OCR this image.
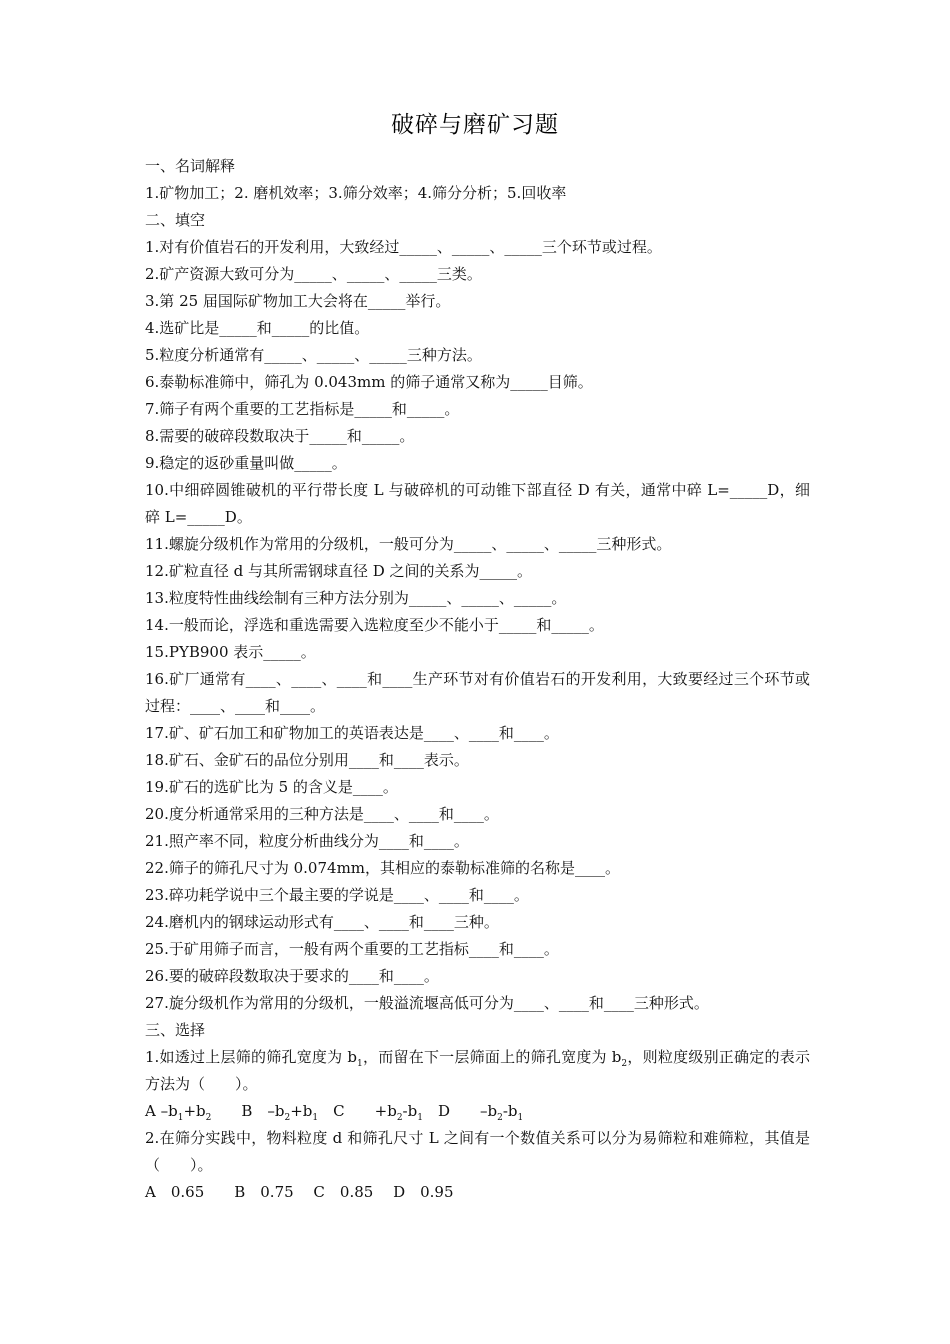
破碎与磨矿习题
一、名词解释
1.矿物加工；2. 磨机效率；3.筛分效率；4.筛分分析；5.回收率
二、填空
1.对有价值岩石的开发利用，大致经过_____、_____、_____三个环节或过程。
2.矿产资源大致可分为_____、_____、_____三类。
3.第 25 届国际矿物加工大会将在_____举行。
4.选矿比是_____和_____的比值。
5.粒度分析通常有_____、_____、_____三种方法。
6.泰勒标准筛中，筛孔为 0.043mm 的筛子通常又称为_____目筛。
7.筛子有两个重要的工艺指标是_____和_____。
8.需要的破碎段数取决于_____和_____。
9.稳定的返砂重量叫做_____。
10.中细碎圆锥破机的平行带长度 L 与破碎机的可动锥下部直径 D 有关，通常中碎 L=_____D，细碎 L=_____D。
11.螺旋分级机作为常用的分级机，一般可分为_____、_____、_____三种形式。
12.矿粒直径 d 与其所需钢球直径 D 之间的关系为_____。
13.粒度特性曲线绘制有三种方法分别为_____、_____、_____。
14.一般而论，浮选和重选需要入选粒度至少不能小于_____和_____。
15.PYB900 表示_____。
16.矿厂通常有____、____、____和____生产环节对有价值岩石的开发利用，大致要经过三个环节或过程：____、____和____。
17.矿、矿石加工和矿物加工的英语表达是____、____和____。
18.矿石、金矿石的品位分别用____和____表示。
19.矿石的选矿比为 5 的含义是____。
20.度分析通常采用的三种方法是____、____和____。
21.照产率不同，粒度分析曲线分为____和____。
22.筛子的筛孔尺寸为 0.074mm，其相应的泰勒标准筛的名称是____。
23.碎功耗学说中三个最主要的学说是____、____和____。
24.磨机内的钢球运动形式有____、____和____三种。
25.于矿用筛子而言，一般有两个重要的工艺指标____和____。
26.要的破碎段数取决于要求的____和____。
27.旋分级机作为常用的分级机，一般溢流堰高低可分为____、____和____三种形式。
三、选择
1.如透过上层筛的筛孔宽度为 $b_1$，而留在下一层筛面上的筛孔宽度为 $b_2$，则粒度级别正确定的表示方法为（　　）。
A $-b_1+b_2$　　 B　$-b_2+b_1$　 C　　$+b_2-b_1$　 D　　$-b_2-b_1$
2.在筛分实践中，物料粒度 d 和筛孔尺寸 L 之间有一个数值关系可以分为易筛粒和难筛粒，其值是（　　）。
A　0.65　　B　0.75　 C　0.85　 D　0.95
